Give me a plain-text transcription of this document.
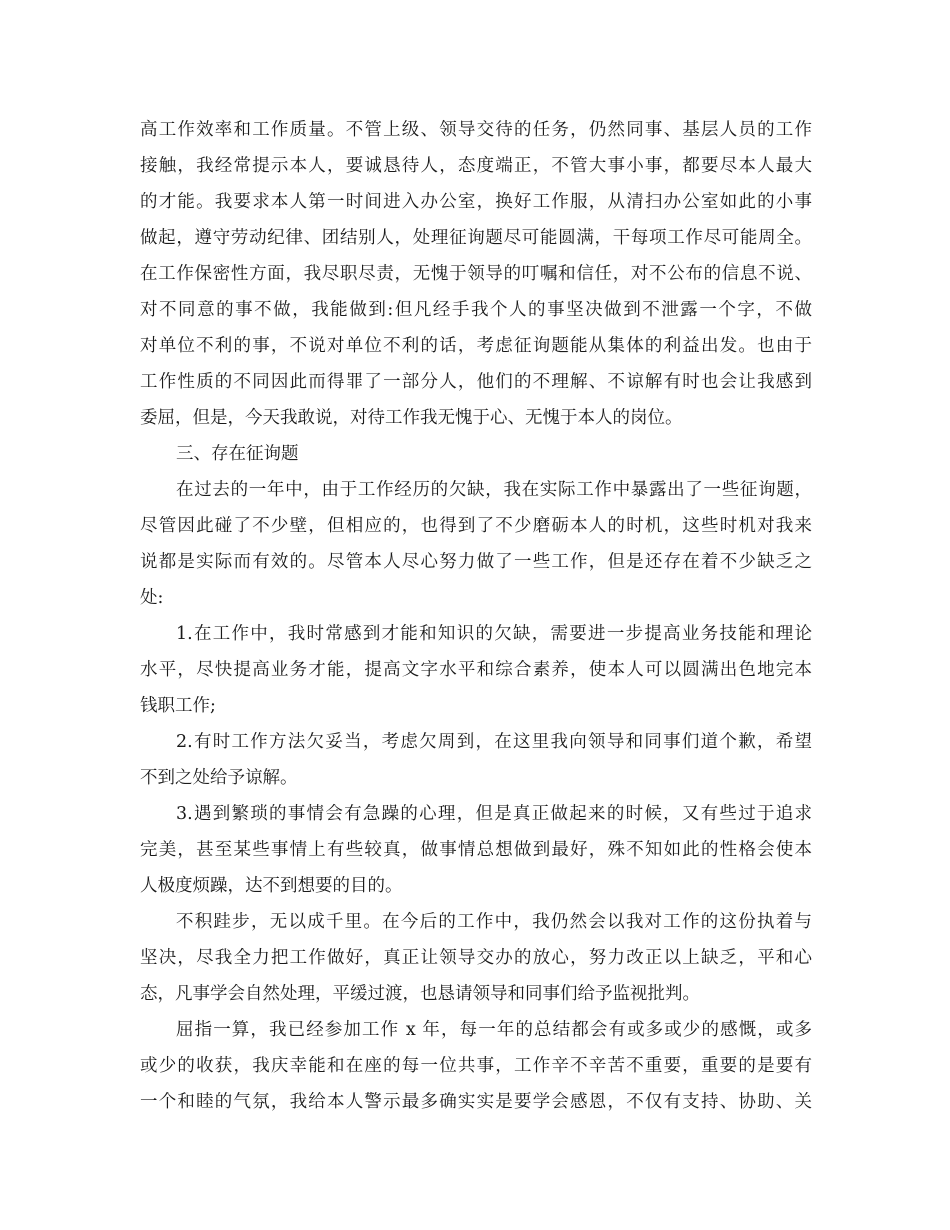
高工作效率和工作质量。不管上级、领导交待的任务，仍然同事、基层人员的工作
接触，我经常提示本人，要诚恳待人，态度端正，不管大事小事，都要尽本人最大
的才能。我要求本人第一时间进入办公室，换好工作服，从清扫办公室如此的小事
做起，遵守劳动纪律、团结别人，处理征询题尽可能圆满，干每项工作尽可能周全。
在工作保密性方面，我尽职尽责，无愧于领导的叮嘱和信任，对不公布的信息不说、
对不同意的事不做，我能做到:但凡经手我个人的事坚决做到不泄露一个字，不做
对单位不利的事，不说对单位不利的话，考虑征询题能从集体的利益出发。也由于
工作性质的不同因此而得罪了一部分人，他们的不理解、不谅解有时也会让我感到
委屈，但是，今天我敢说，对待工作我无愧于心、无愧于本人的岗位。
三、存在征询题
在过去的一年中，由于工作经历的欠缺，我在实际工作中暴露出了一些征询题，
尽管因此碰了不少壁，但相应的，也得到了不少磨砺本人的时机，这些时机对我来
说都是实际而有效的。尽管本人尽心努力做了一些工作，但是还存在着不少缺乏之
处:
1.在工作中，我时常感到才能和知识的欠缺，需要进一步提高业务技能和理论
水平，尽快提高业务才能，提高文字水平和综合素养，使本人可以圆满出色地完本
钱职工作;
2.有时工作方法欠妥当，考虑欠周到，在这里我向领导和同事们道个歉，希望
不到之处给予谅解。
3.遇到繁琐的事情会有急躁的心理，但是真正做起来的时候，又有些过于追求
完美，甚至某些事情上有些较真，做事情总想做到最好，殊不知如此的性格会使本
人极度烦躁，达不到想要的目的。
不积跬步，无以成千里。在今后的工作中，我仍然会以我对工作的这份执着与
坚决，尽我全力把工作做好，真正让领导交办的放心，努力改正以上缺乏，平和心
态，凡事学会自然处理，平缓过渡，也恳请领导和同事们给予监视批判。
屈指一算，我已经参加工作 x 年，每一年的总结都会有或多或少的感慨，或多
或少的收获，我庆幸能和在座的每一位共事，工作辛不辛苦不重要，重要的是要有
一个和睦的气氛，我给本人警示最多确实实是要学会感恩，不仅有支持、协助、关
